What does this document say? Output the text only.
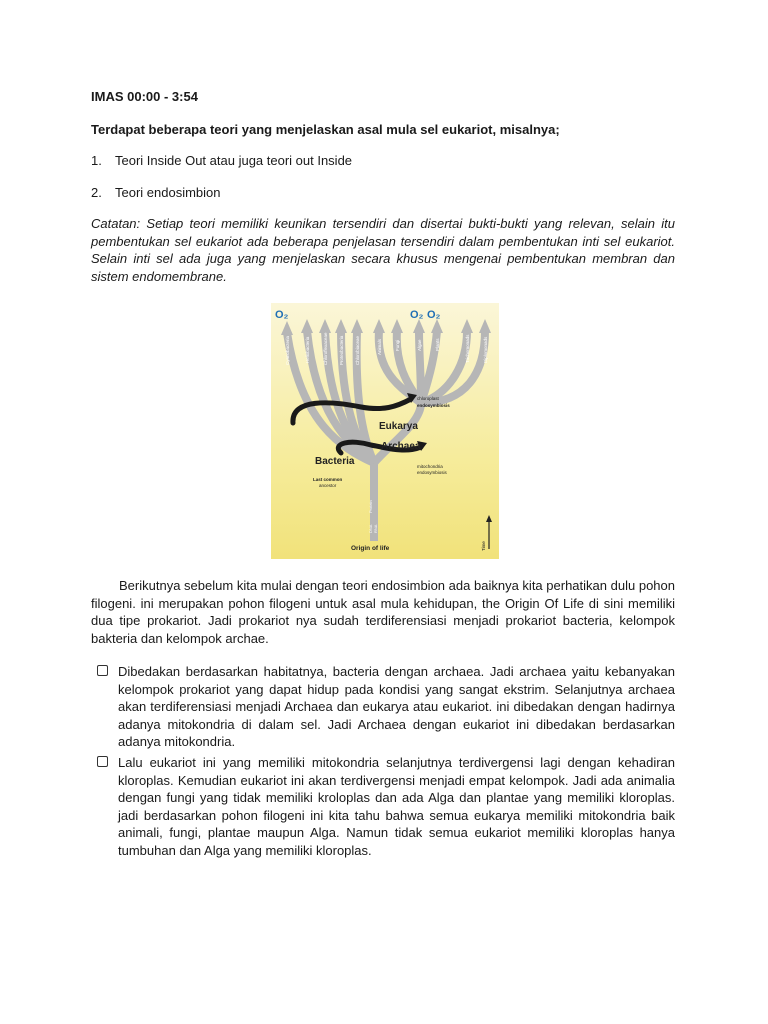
IMAS 00:00 - 3:54
Terdapat beberapa teori yang menjelaskan asal mula sel eukariot, misalnya;
1. Teori Inside Out atau juga teori out Inside
2. Teori endosimbion
Catatan: Setiap teori memiliki keunikan tersendiri dan disertai bukti-bukti yang relevan, selain itu pembentukan sel eukariot ada beberapa penjelasan tersendiri dalam pembentukan inti sel eukariot. Selain inti sel ada juga yang menjelaskan secara khusus mengenai pembentukan membran dan sistem endomembrane.
O₂	O₂ O₂
Cyanobacteria	Heliobacteria	Chloroflexaceae Proteobacteria Chlorobiaceae	Animals	Fungi	Algae	Plants	Trichomonads	Diplomonads
chloroplast
endosymbiosis
Eukarya
Archaea
Bacteria	mitochondria
endosymbiosis
Last common
ancestor
Protein
DNA RNA
Origin of life	Time
Berikutnya sebelum kita mulai dengan teori endosimbion ada baiknya kita perhatikan dulu pohon filogeni. ini merupakan pohon filogeni untuk asal mula kehidupan, the Origin Of Life di sini memiliki dua tipe prokariot. Jadi prokariot nya sudah terdiferensiasi menjadi prokariot bacteria, kelompok bakteria dan kelompok archae.
Dibedakan berdasarkan habitatnya, bacteria dengan archaea. Jadi archaea yaitu kebanyakan kelompok prokariot yang dapat hidup pada kondisi yang sangat ekstrim. Selanjutnya archaea akan terdiferensiasi menjadi Archaea dan eukarya atau eukariot. ini dibedakan dengan hadirnya adanya mitokondria di dalam sel. Jadi Archaea dengan eukariot ini dibedakan berdasarkan adanya mitokondria.
Lalu eukariot ini yang memiliki mitokondria selanjutnya terdivergensi lagi dengan kehadiran kloroplas. Kemudian eukariot ini akan terdivergensi menjadi empat kelompok. Jadi ada animalia dengan fungi yang tidak memiliki kroloplas dan ada Alga dan plantae yang memiliki kloroplas. jadi berdasarkan pohon filogeni ini kita tahu bahwa semua eukarya memiliki mitokondria baik animali, fungi, plantae maupun Alga. Namun tidak semua eukariot memiliki kloroplas hanya tumbuhan dan Alga yang memiliki kloroplas.
